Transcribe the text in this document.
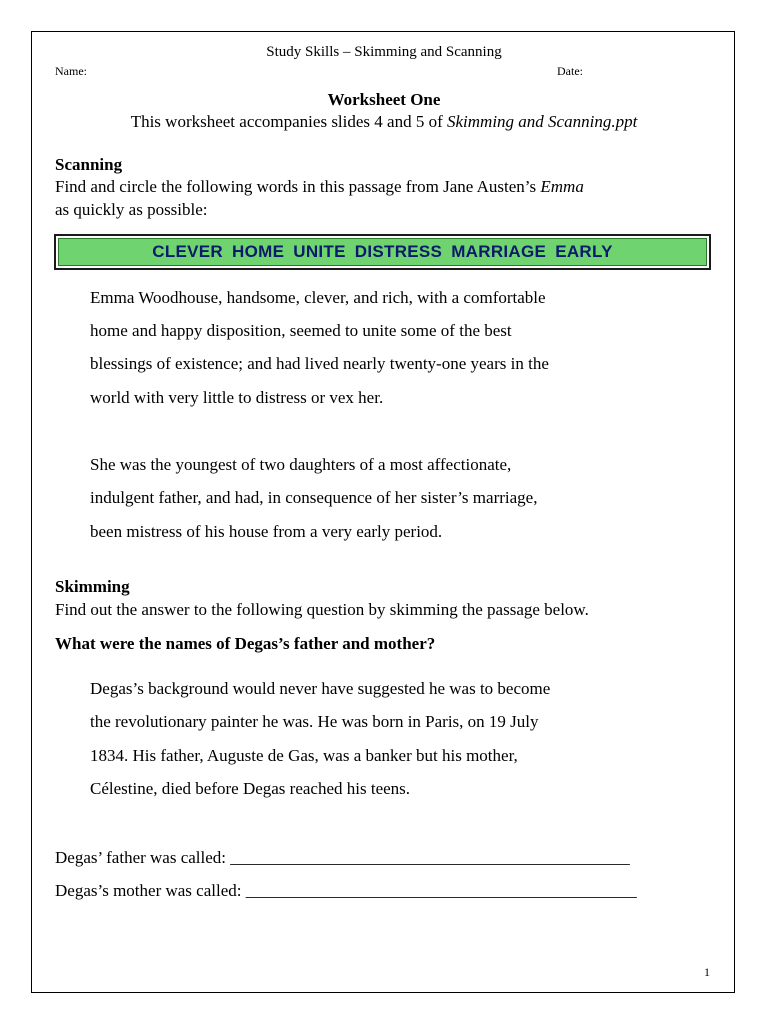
Study Skills – Skimming and Scanning
Name:	Date:
Worksheet One
This worksheet accompanies slides 4 and 5 of Skimming and Scanning.ppt
Scanning
Find and circle the following words in this passage from Jane Austen’s Emma
as quickly as possible:
CLEVER HOME UNITE DISTRESS MARRIAGE EARLY
Emma Woodhouse, handsome, clever, and rich, with a comfortable
home and happy disposition, seemed to unite some of the best
blessings of existence; and had lived nearly twenty-one years in the
world with very little to distress or vex her.
She was the youngest of two daughters of a most affectionate,
indulgent father, and had, in consequence of her sister’s marriage,
been mistress of his house from a very early period.
Skimming
Find out the answer to the following question by skimming the passage below.
What were the names of Degas’s father and mother?
Degas’s background would never have suggested he was to become
the revolutionary painter he was. He was born in Paris, on 19 July
1834. His father, Auguste de Gas, was a banker but his mother,
Célestine, died before Degas reached his teens.
Degas’ father was called: _______________________________________________
Degas’s mother was called: ______________________________________________
1
